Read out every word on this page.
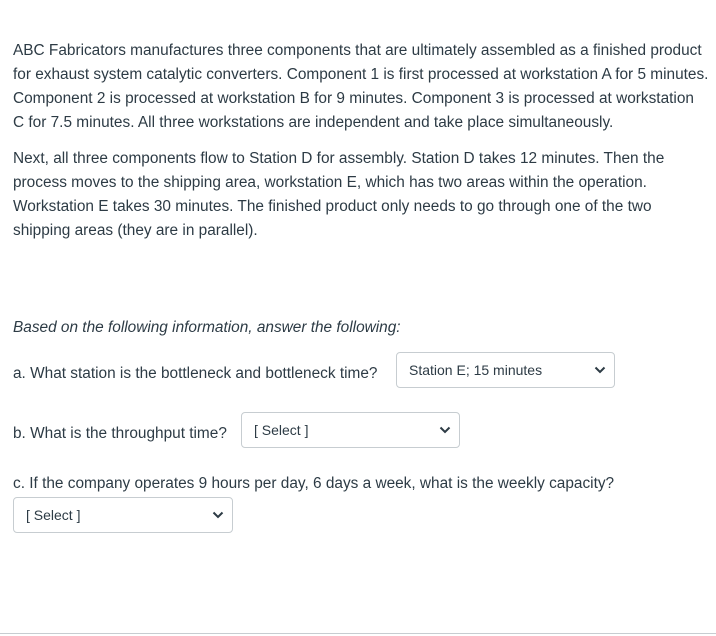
ABC Fabricators manufactures three components that are ultimately assembled as a finished product for exhaust system catalytic converters. Component 1 is first processed at workstation A for 5 minutes. Component 2 is processed at workstation B for 9 minutes. Component 3 is processed at workstation C for 7.5 minutes. All three workstations are independent and take place simultaneously.

Next, all three components flow to Station D for assembly. Station D takes 12 minutes. Then the process moves to the shipping area, workstation E, which has two areas within the operation. Workstation E takes 30 minutes. The finished product only needs to go through one of the two shipping areas (they are in parallel).

Based on the following information, answer the following:

a. What station is the bottleneck and bottleneck time? Station E; 15 minutes
b. What is the throughput time? [ Select ]
c. If the company operates 9 hours per day, 6 days a week, what is the weekly capacity?
[ Select ]
